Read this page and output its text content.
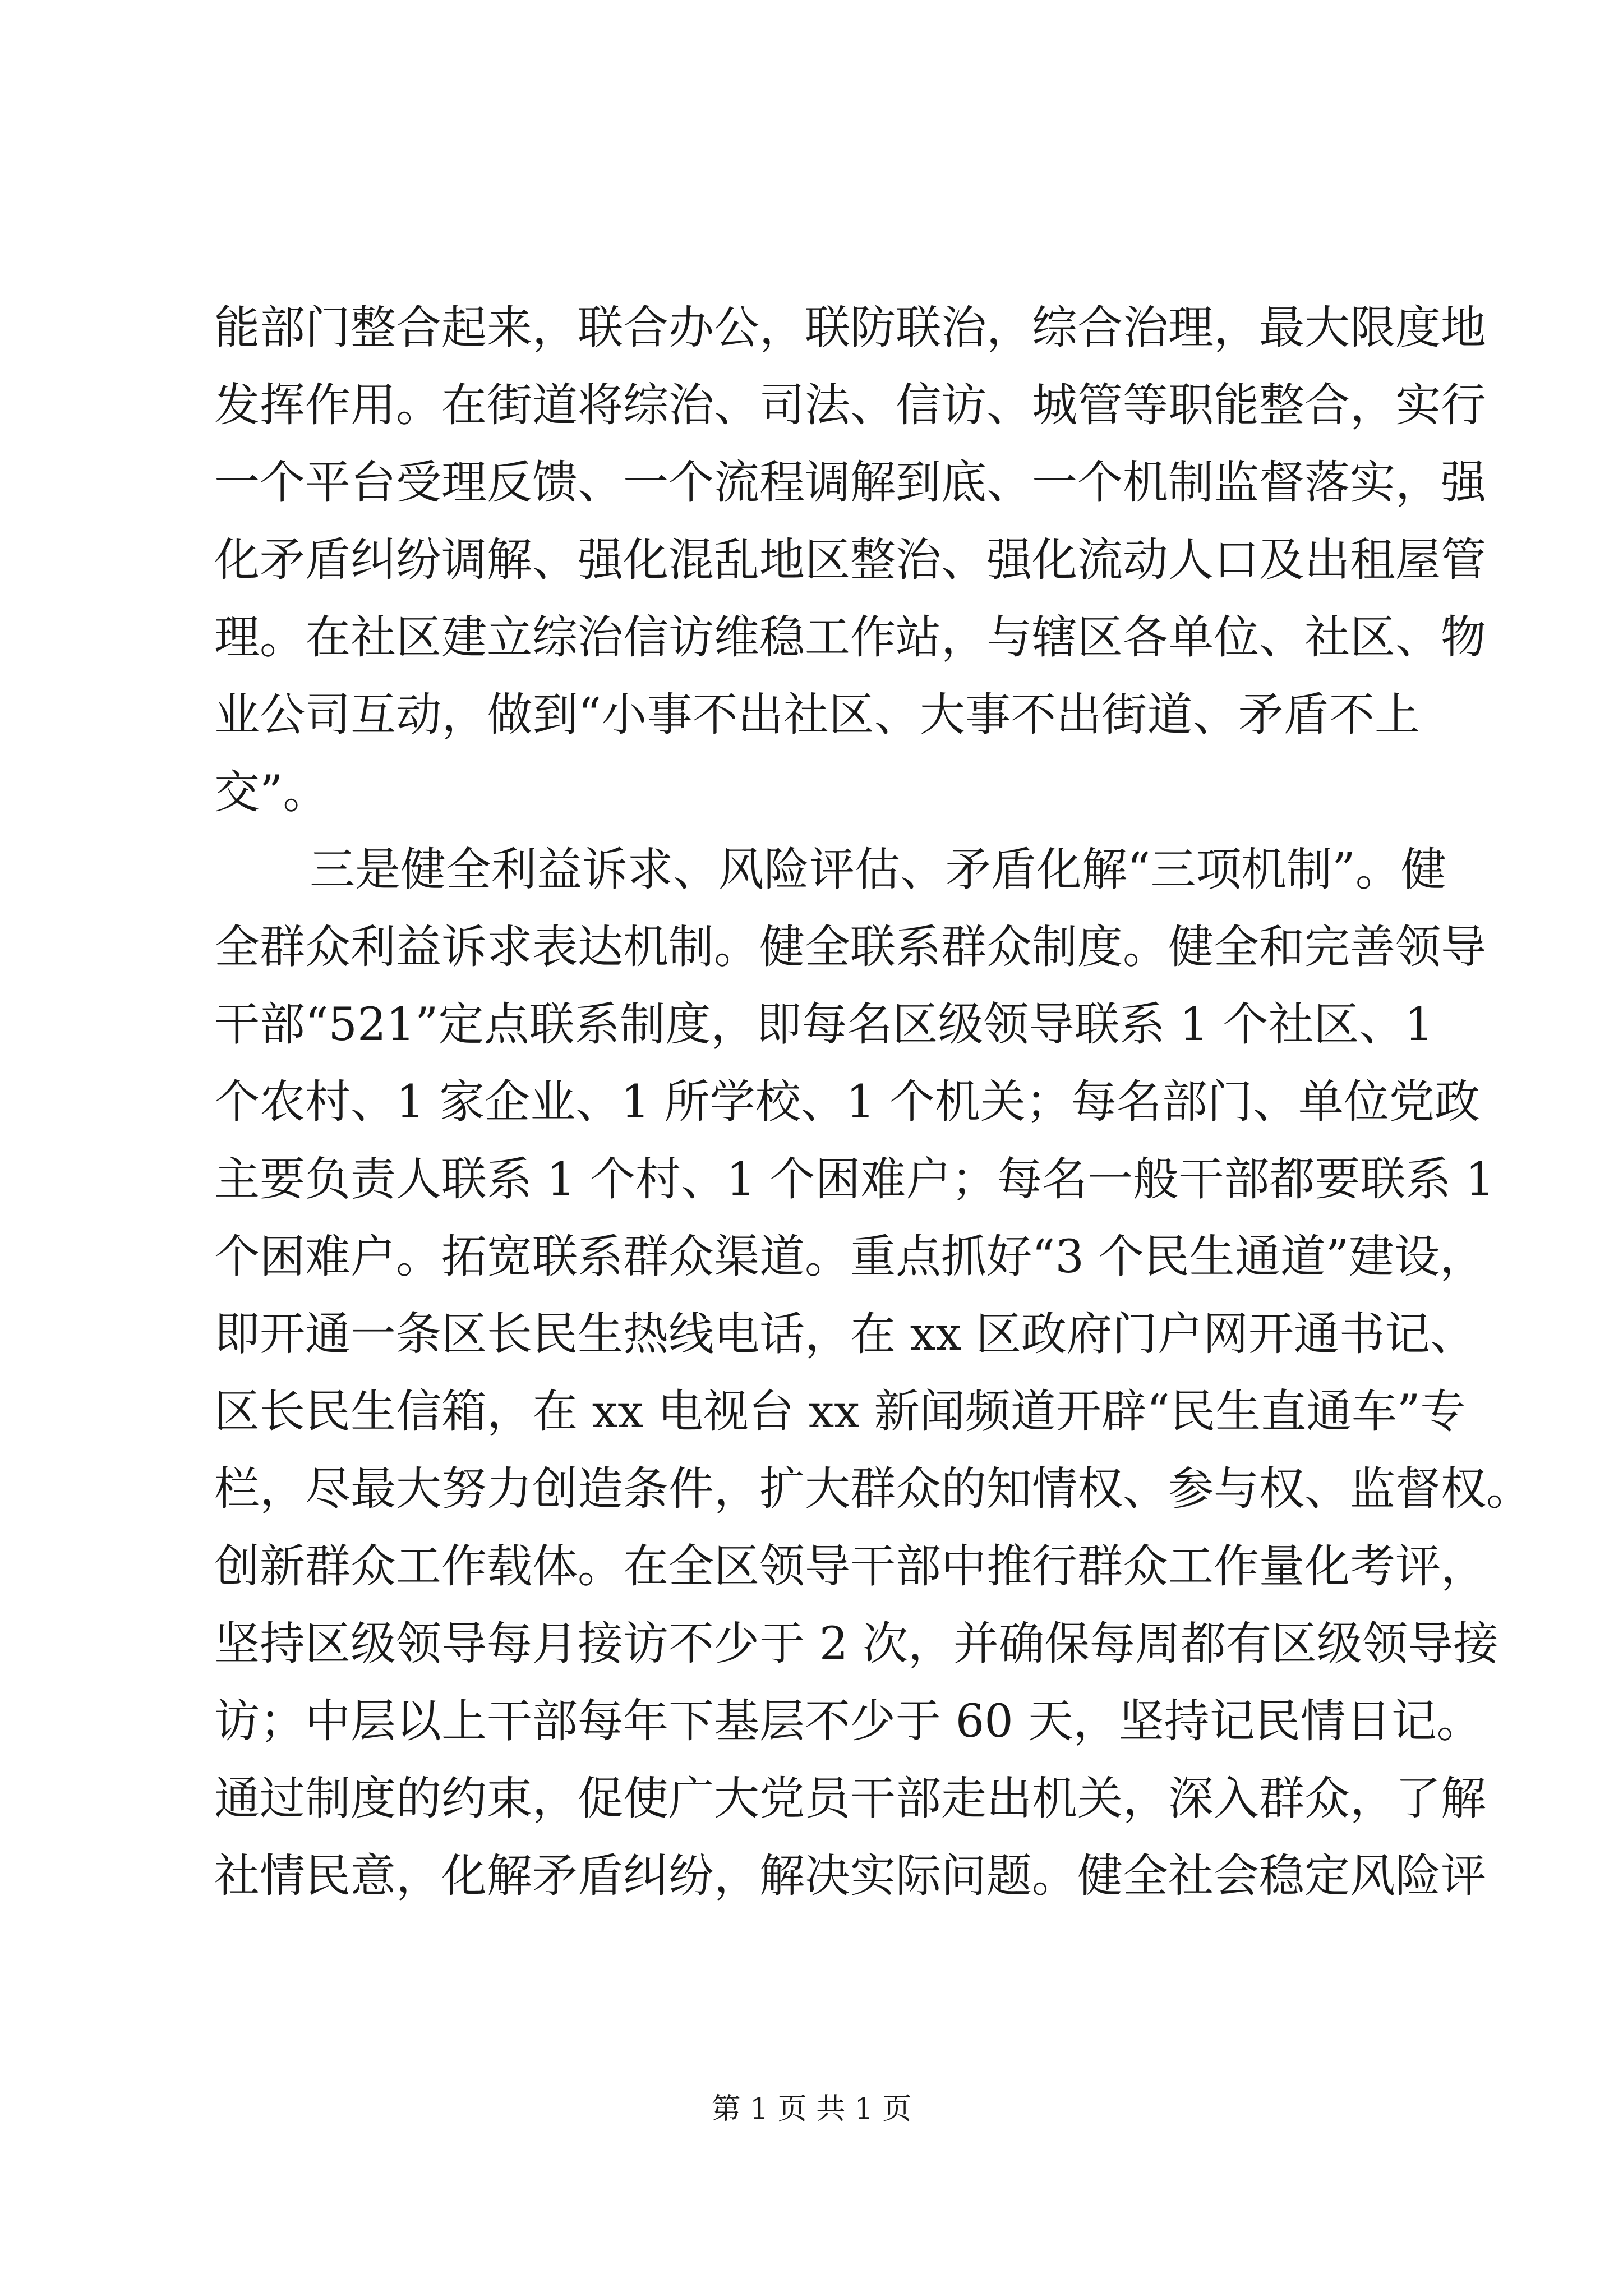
能部门整合起来，联合办公，联防联治，综合治理，最大限度地
发挥作用。在街道将综治、司法、信访、城管等职能整合，实行
一个平台受理反馈、一个流程调解到底、一个机制监督落实，强
化矛盾纠纷调解、强化混乱地区整治、强化流动人口及出租屋管
理。在社区建立综治信访维稳工作站，与辖区各单位、社区、物
业公司互动，做到“小事不出社区、大事不出街道、矛盾不上
交”。
三是健全利益诉求、风险评估、矛盾化解“三项机制”。健
全群众利益诉求表达机制。健全联系群众制度。健全和完善领导
干部“521”定点联系制度，即每名区级领导联系 1 个社区、1
个农村、1 家企业、1 所学校、1 个机关；每名部门、单位党政
主要负责人联系 1 个村、1 个困难户；每名一般干部都要联系 1
个困难户。拓宽联系群众渠道。重点抓好“3 个民生通道”建设，
即开通一条区长民生热线电话，在 xx 区政府门户网开通书记、
区长民生信箱，在 xx 电视台 xx 新闻频道开辟“民生直通车”专
栏，尽最大努力创造条件，扩大群众的知情权、参与权、监督权。
创新群众工作载体。在全区领导干部中推行群众工作量化考评，
坚持区级领导每月接访不少于 2 次，并确保每周都有区级领导接
访；中层以上干部每年下基层不少于 60 天，坚持记民情日记。
通过制度的约束，促使广大党员干部走出机关，深入群众，了解
社情民意，化解矛盾纠纷，解决实际问题。健全社会稳定风险评
第 1 页 共 1 页
